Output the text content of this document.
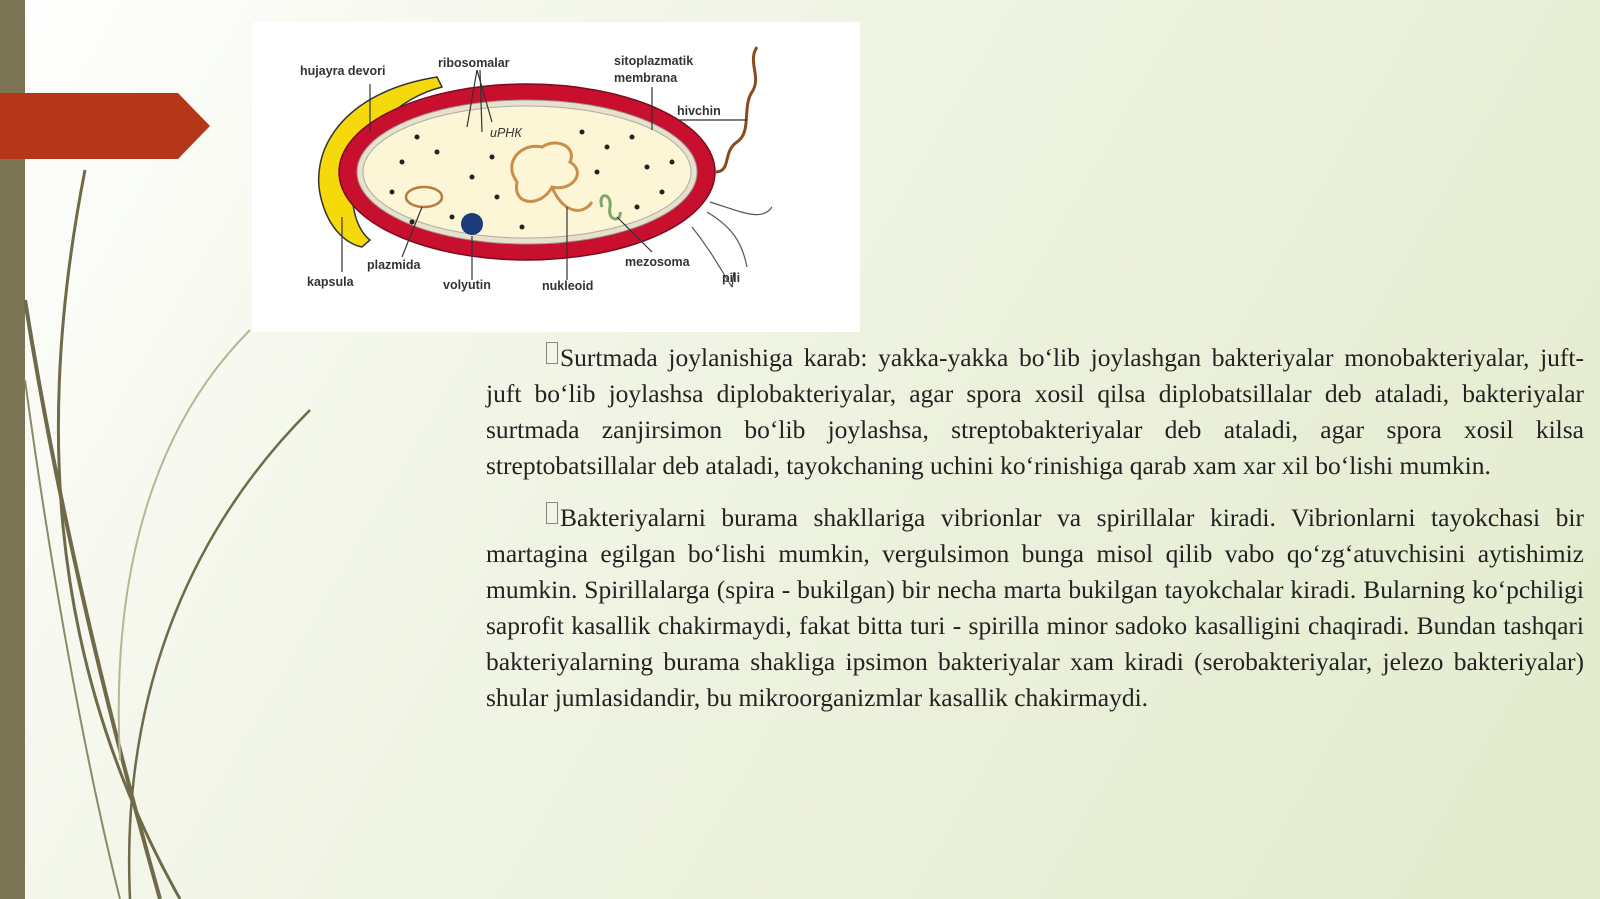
hujayra devori
ribosomalar	sitoplazmatik
membrana
hivchin
иРНК
kapsula
plazmida
volyutin	nukleoid
mezosoma
pili

Surtmada joylanishiga karab: yakka-yakka bo‘lib joylashgan bakteriyalar monobakteriyalar, juft-juft bo‘lib joylashsa diplobakteriyalar, agar spora xosil qilsa diplobatsillalar deb ataladi, bakteriyalar surtmada zanjirsimon bo‘lib joylashsa, streptobakteriyalar deb ataladi, agar spora xosil kilsa streptobatsillalar deb ataladi, tayokchaning uchini ko‘rinishiga qarab xam xar xil bo‘lishi mumkin.

Bakteriyalarni burama shakllariga vibrionlar va spirillalar kiradi. Vibrionlarni tayokchasi bir martagina egilgan bo‘lishi mumkin, vergulsimon bunga misol qilib vabo qo‘zg‘atuvchisini aytishimiz mumkin. Spirillalarga (spira - bukilgan) bir necha marta bukilgan tayokchalar kiradi. Bularning ko‘pchiligi saprofit kasallik chakirmaydi, fakat bitta turi - spirilla minor sadoko kasalligini chaqiradi. Bundan tashqari bakteriyalarning burama shakliga ipsimon bakteriyalar xam kiradi (serobakteriyalar, jelezo bakteriyalar) shular jumlasidandir, bu mikroorganizmlar kasallik chakirmaydi.
